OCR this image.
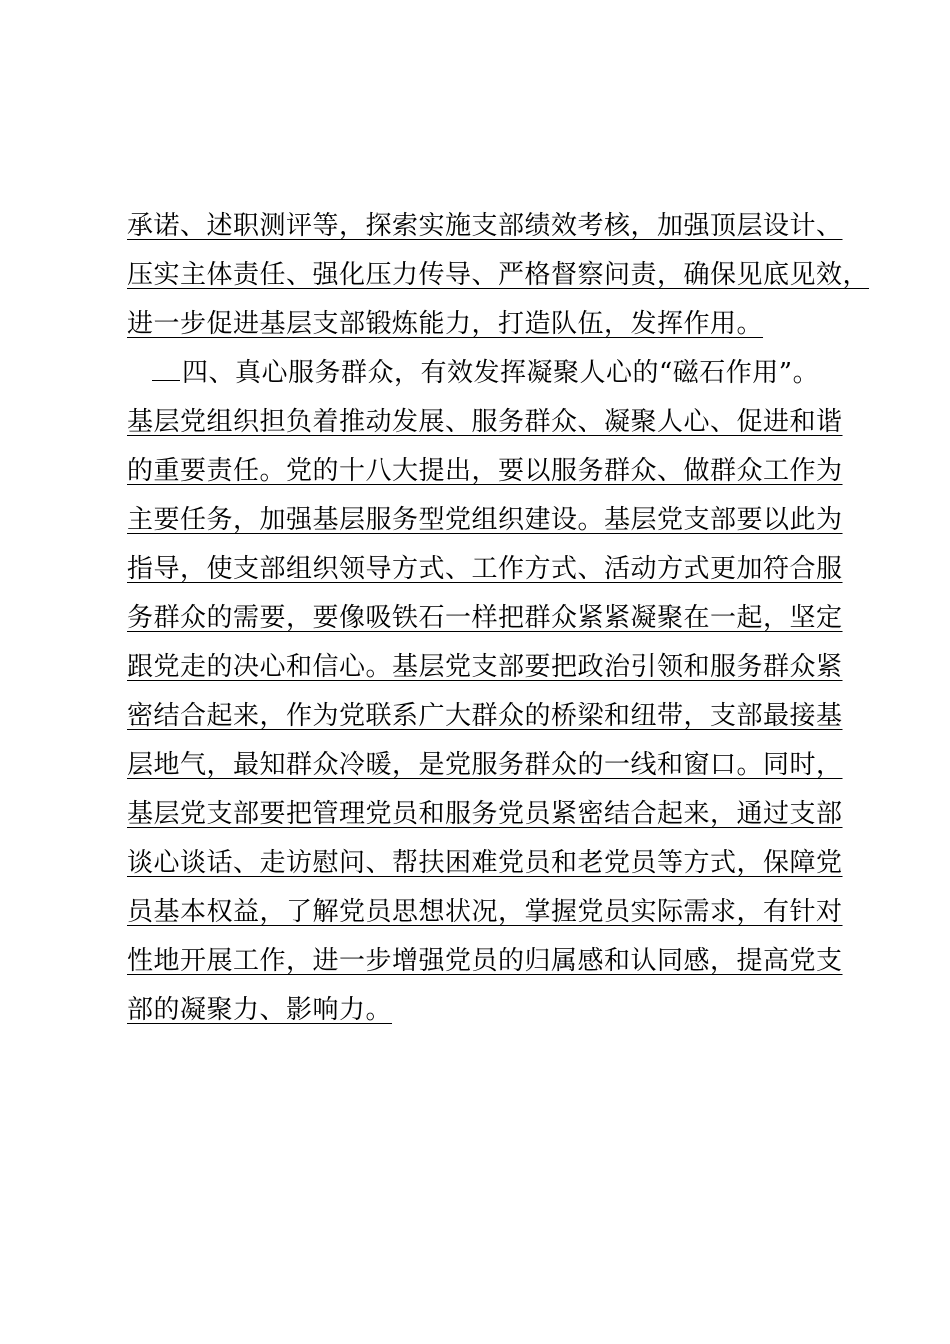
承诺、述职测评等，探索实施支部绩效考核，加强顶层设计、
压实主体责任、强化压力传导、严格督察问责，确保见底见效，
进一步促进基层支部锻炼能力，打造队伍，发挥作用。
四、真心服务群众，有效发挥凝聚人心的“磁石作用”。
基层党组织担负着推动发展、服务群众、凝聚人心、促进和谐
的重要责任。党的十八大提出，要以服务群众、做群众工作为
主要任务，加强基层服务型党组织建设。基层党支部要以此为
指导，使支部组织领导方式、工作方式、活动方式更加符合服
务群众的需要，要像吸铁石一样把群众紧紧凝聚在一起，坚定
跟党走的决心和信心。基层党支部要把政治引领和服务群众紧
密结合起来，作为党联系广大群众的桥梁和纽带，支部最接基
层地气，最知群众冷暖，是党服务群众的一线和窗口。同时，
基层党支部要把管理党员和服务党员紧密结合起来，通过支部
谈心谈话、走访慰问、帮扶困难党员和老党员等方式，保障党
员基本权益，了解党员思想状况，掌握党员实际需求，有针对
性地开展工作，进一步增强党员的归属感和认同感，提高党支
部的凝聚力、影响力。
